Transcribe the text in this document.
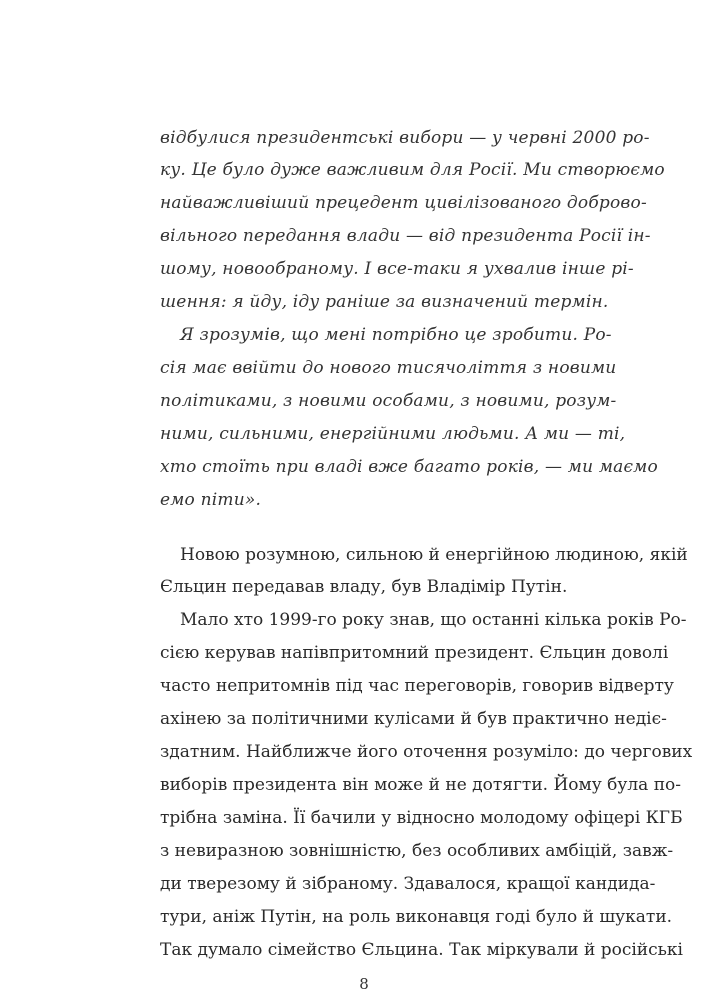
відбулися президентські вибори — у червні 2000 ро-
ку. Це було дуже важливим для Росії. Ми створюємо
найважливіший прецедент цивілізованого доброво-
вільного передання влади — від президента Росії ін-
шому, новообраному. І все-таки я ухвалив інше рі-
шення: я йду, іду раніше за визначений термін.
Я зрозумів, що мені потрібно це зробити. Ро-
сія має ввійти до нового тисячоліття з новими
політиками, з новими особами, з новими, розум-
ними, сильними, енергійними людьми. А ми — ті,
хто стоїть при владі вже багато років, — ми маємо
емо піти».
Новою розумною, сильною й енергійною людиною, якій
Єльцин передавав владу, був Владімір Путін.
Мало хто 1999-го року знав, що останні кілька років Ро-
сією керував напівпритомний президент. Єльцин доволі
часто непритомнів під час переговорів, говорив відверту
ахінею за політичними кулісами й був практично недіє-
здатним. Найближче його оточення розуміло: до чергових
виборів президента він може й не дотягти. Йому була по-
трібна заміна. Її бачили у відносно молодому офіцері КГБ
з невиразною зовнішністю, без особливих амбіцій, завж-
ди тверезому й зібраному. Здавалося, кращої кандида-
тури, аніж Путін, на роль виконавця годі було й шукати.
Так думало сімейство Єльцина. Так міркували й російські
8
